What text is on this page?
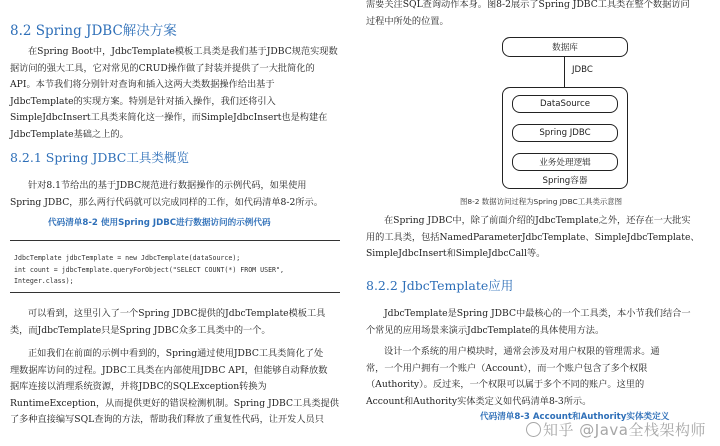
8.2 Spring JDBC解决方案

在Spring Boot中，JdbcTemplate模板工具类是我们基于JDBC规范实现数

据访问的强大工具，它对常见的CRUD操作做了封装并提供了一大批简化的

API。本节我们将分别针对查询和插入这两大类数据操作给出基于

JdbcTemplate的实现方案。特别是针对插入操作，我们还将引入

SimpleJdbcInsert工具类来简化这一操作，而SimpleJdbcInsert也是构建在

JdbcTemplate基础之上的。

8.2.1 Spring JDBC工具类概览

针对8.1节给出的基于JDBC规范进行数据操作的示例代码，如果使用

Spring JDBC，那么两行代码就可以完成同样的工作，如代码清单8-2所示。

代码清单8-2 使用Spring JDBC进行数据访问的示例代码
JdbcTemplate jdbcTemplate = new JdbcTemplate(dataSource);
int count = jdbcTemplate.queryForObject("SELECT COUNT(*) FROM USER",
Integer.class);

可以看到，这里引入了一个Spring JDBC提供的JdbcTemplate模板工具

类，而JdbcTemplate只是Spring JDBC众多工具类中的一个。

正如我们在前面的示例中看到的，Spring通过使用JDBC工具类简化了处

理数据库访问的过程。JDBC工具类在内部使用JDBC API，但能够自动释放数

据库连接以消理系统资源，并将JDBC的SQLException转换为

RuntimeException，从而提供更好的错误检测机制。Spring JDBC工具类提供

了多种直接编写SQL查询的方法，帮助我们释放了重复性代码，让开发人员只

需要关注SQL查询动作本身。图8-2展示了Spring JDBC工具类在整个数据访问

过程中所处的位置。

数据库
JDBC
Spring容器
DataSource
Spring JDBC
业务处理逻辑
图8-2 数据访问过程为Spring JDBC工具类示意图

在Spring JDBC中，除了前面介绍的JdbcTemplate之外，还存在一大批实

用的工具类，包括NamedParameterJdbcTemplate、SimpleJdbcTemplate、

SimpleJdbcInsert和SimpleJdbcCall等。

8.2.2 JdbcTemplate应用

JdbcTemplate是Spring JDBC中最核心的一个工具类，本小节我们结合一

个常见的应用场景来演示JdbcTemplate的具体使用方法。

设计一个系统的用户模块时，通常会涉及对用户权限的管理需求。通

常，一个用户拥有一个账户（Account），而一个账户包含了多个权限

（Authority）。反过来，一个权限可以属于多个不同的账户。这里的

Account和Authority实体类定义如代码清单8-3所示。

代码清单8-3 Account和Authority实体类定义
知乎 @Java全栈架构师
